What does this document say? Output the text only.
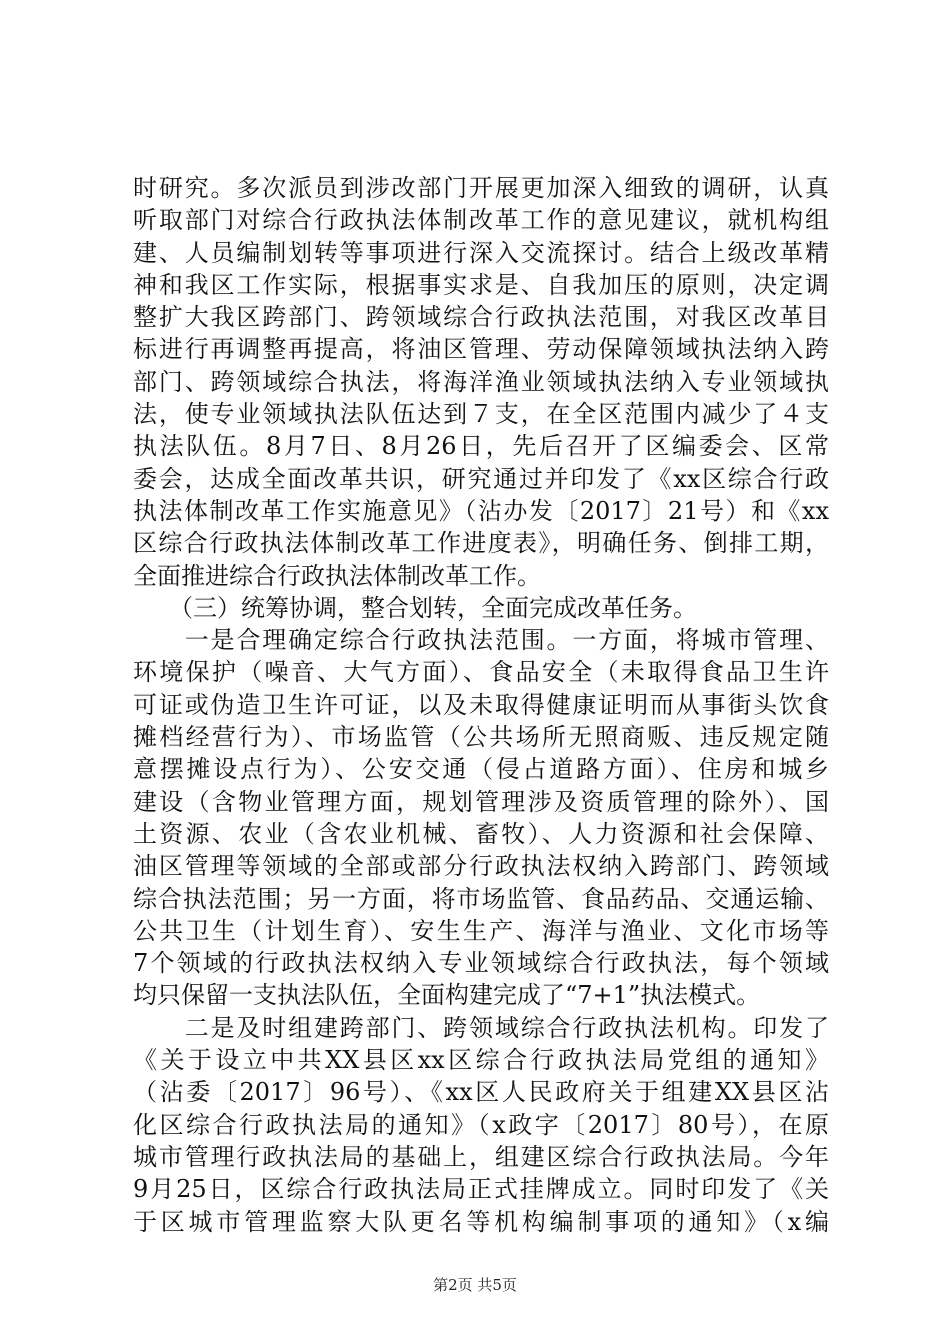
时研究。多次派员到涉改部门开展更加深入细致的调研，认真
听取部门对综合行政执法体制改革工作的意见建议，就机构组
建、人员编制划转等事项进行深入交流探讨。结合上级改革精
神和我区工作实际，根据事实求是、自我加压的原则，决定调
整扩大我区跨部门、跨领域综合行政执法范围，对我区改革目
标进行再调整再提高，将油区管理、劳动保障领域执法纳入跨
部门、跨领域综合执法，将海洋渔业领域执法纳入专业领域执
法，使专业领域执法队伍达到７支，在全区范围内减少了４支
执法队伍。8月7日、8月26日，先后召开了区编委会、区常
委会，达成全面改革共识，研究通过并印发了《xx区综合行政
执法体制改革工作实施意见》（沾办发〔2017〕21号）和《xx
区综合行政执法体制改革工作进度表》，明确任务、倒排工期，
全面推进综合行政执法体制改革工作。
　　（三）统筹协调，整合划转，全面完成改革任务。
　　一是合理确定综合行政执法范围。一方面，将城市管理、
环境保护（噪音、大气方面）、食品安全（未取得食品卫生许
可证或伪造卫生许可证，以及未取得健康证明而从事街头饮食
摊档经营行为）、市场监管（公共场所无照商贩、违反规定随
意摆摊设点行为）、公安交通（侵占道路方面）、住房和城乡
建设（含物业管理方面，规划管理涉及资质管理的除外）、国
土资源、农业（含农业机械、畜牧）、人力资源和社会保障、
油区管理等领域的全部或部分行政执法权纳入跨部门、跨领域
综合执法范围；另一方面，将市场监管、食品药品、交通运输、
公共卫生（计划生育）、安生生产、海洋与渔业、文化市场等
7个领域的行政执法权纳入专业领域综合行政执法，每个领域
均只保留一支执法队伍，全面构建完成了“7+1”执法模式。
　　二是及时组建跨部门、跨领域综合行政执法机构。印发了
《关于设立中共XX县区xx区综合行政执法局党组的通知》
（沾委〔2017〕96号）、《xx区人民政府关于组建XX县区沾
化区综合行政执法局的通知》（x政字〔2017〕80号），在原
城市管理行政执法局的基础上，组建区综合行政执法局。今年
9月25日，区综合行政执法局正式挂牌成立。同时印发了《关
于区城市管理监察大队更名等机构编制事项的通知》（x编
第2页 共5页
